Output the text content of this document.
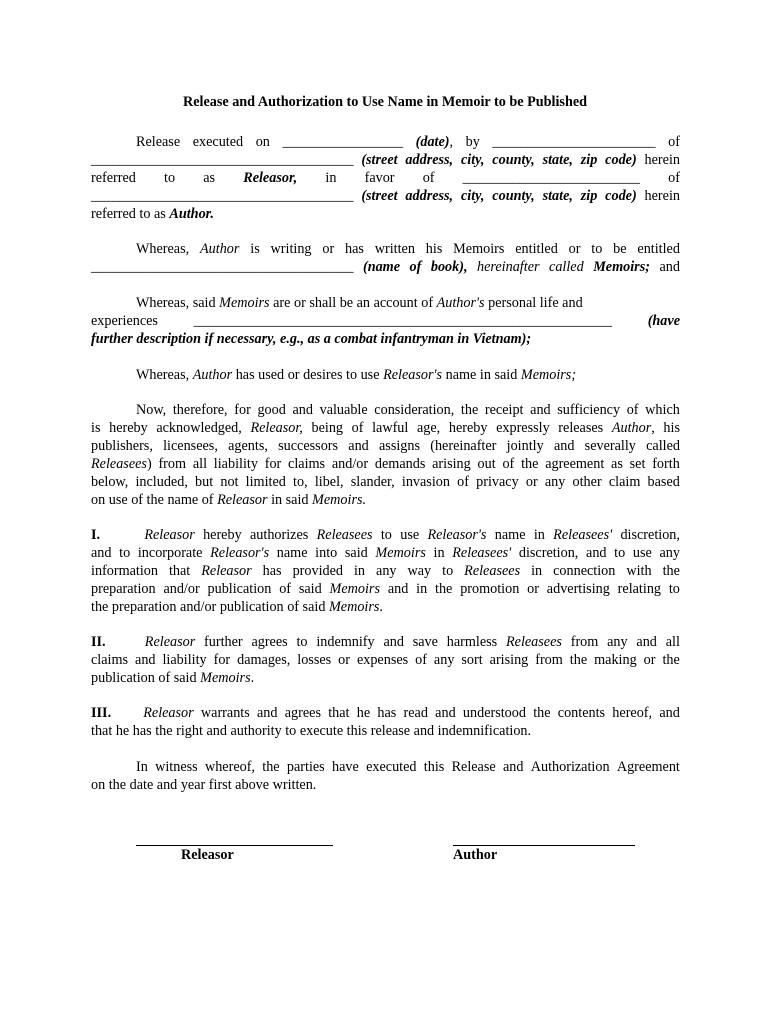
Release and Authorization to Use Name in Memoir to be Published
Release executed on _________________ (date), by _______________________ of
_____________________________________ (street address, city, county, state, zip code) herein
referred to as Releasor, in favor of _________________________ of
_____________________________________ (street address, city, county, state, zip code) herein
referred to as Author.
Whereas, Author is writing or has written his Memoirs entitled or to be entitled
_____________________________________ (name of book), hereinafter called Memoirs; and
Whereas, said Memoirs are or shall be an account of Author's personal life and
experiences	___________________________________________________________	(have
further description if necessary, e.g., as a combat infantryman in Vietnam);
Whereas, Author has used or desires to use Releasor's name in said Memoirs;
Now, therefore, for good and valuable consideration, the receipt and sufficiency of which
is hereby acknowledged, Releasor, being of lawful age, hereby expressly releases Author, his
publishers, licensees, agents, successors and assigns (hereinafter jointly and severally called
Releasees) from all liability for claims and/or demands arising out of the agreement as set forth
below, included, but not limited to, libel, slander, invasion of privacy or any other claim based
on use of the name of Releasor in said Memoirs.
I.	Releasor hereby authorizes Releasees to use Releasor's name in Releasees' discretion,
and to incorporate Releasor's name into said Memoirs in Releasees' discretion, and to use any
information that Releasor has provided in any way to Releasees in connection with the
preparation and/or publication of said Memoirs and in the promotion or advertising relating to
the preparation and/or publication of said Memoirs.
II.	Releasor further agrees to indemnify and save harmless Releasees from any and all
claims and liability for damages, losses or expenses of any sort arising from the making or the
publication of said Memoirs.
III.	Releasor warrants and agrees that he has read and understood the contents hereof, and
that he has the right and authority to execute this release and indemnification.
In witness whereof, the parties have executed this Release and Authorization Agreement
on the date and year first above written.
Releasor	Author
